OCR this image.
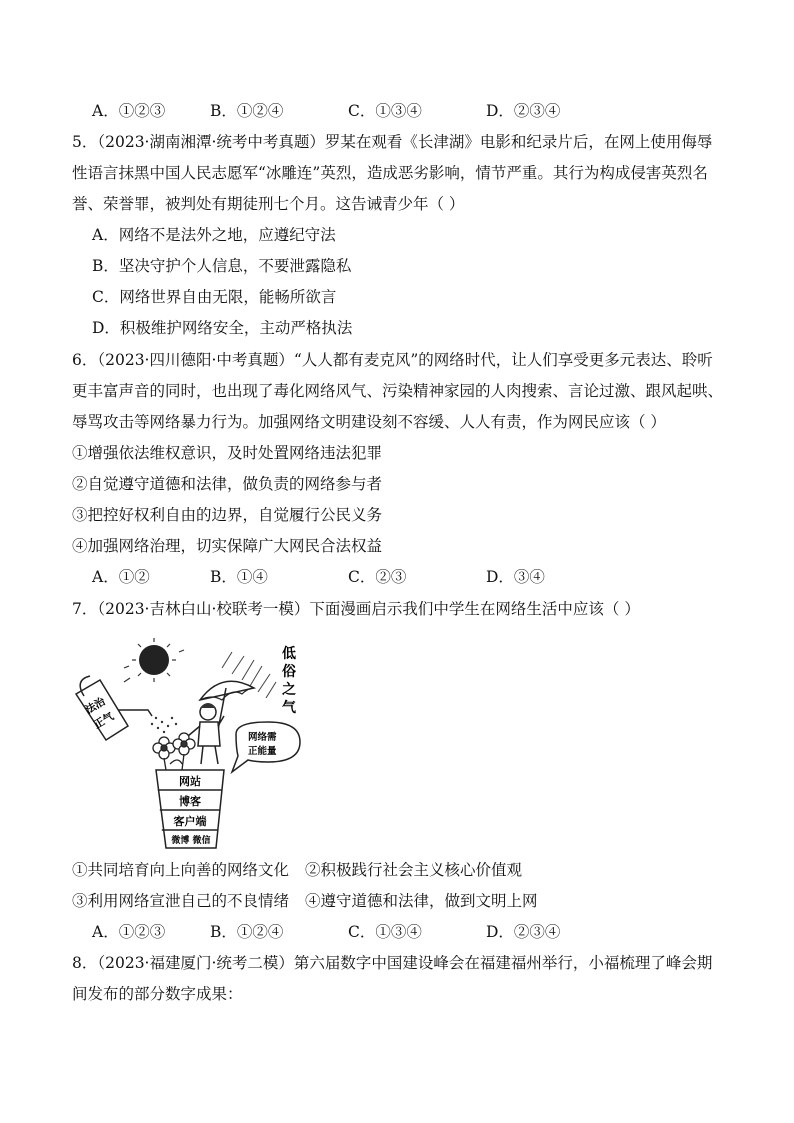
A．①②③	B．①②④	C．①③④	D．②③④
5．（2023·湖南湘潭·统考中考真题）罗某在观看《长津湖》电影和纪录片后，在网上使用侮辱
性语言抹黑中国人民志愿军“冰雕连”英烈，造成恶劣影响，情节严重。其行为构成侵害英烈名
誉、荣誉罪，被判处有期徒刑七个月。这告诫青少年（ ）
A．网络不是法外之地，应遵纪守法
B．坚决守护个人信息，不要泄露隐私
C．网络世界自由无限，能畅所欲言
D．积极维护网络安全，主动严格执法
6．（2023·四川德阳·中考真题）“人人都有麦克风”的网络时代，让人们享受更多元表达、聆听
更丰富声音的同时，也出现了毒化网络风气、污染精神家园的人肉搜索、言论过激、跟风起哄、
辱骂攻击等网络暴力行为。加强网络文明建设刻不容缓、人人有责，作为网民应该（ ）
①增强依法维权意识，及时处置网络违法犯罪
②自觉遵守道德和法律，做负责的网络参与者
③把控好权利自由的边界，自觉履行公民义务
④加强网络治理，切实保障广大网民合法权益
A．①②	B．①④	C．②③	D．③④
7．（2023·吉林白山·校联考一模）下面漫画启示我们中学生在网络生活中应该（ ）
法治
正气
低
俗
之
气
网络需
正能量
网站
博客
客户端
微博 微信
①共同培育向上向善的网络文化 ②积极践行社会主义核心价值观
③利用网络宣泄自己的不良情绪 ④遵守道德和法律，做到文明上网
A．①②③	B．①②④	C．①③④	D．②③④
8．（2023·福建厦门·统考二模）第六届数字中国建设峰会在福建福州举行，小福梳理了峰会期
间发布的部分数字成果：
